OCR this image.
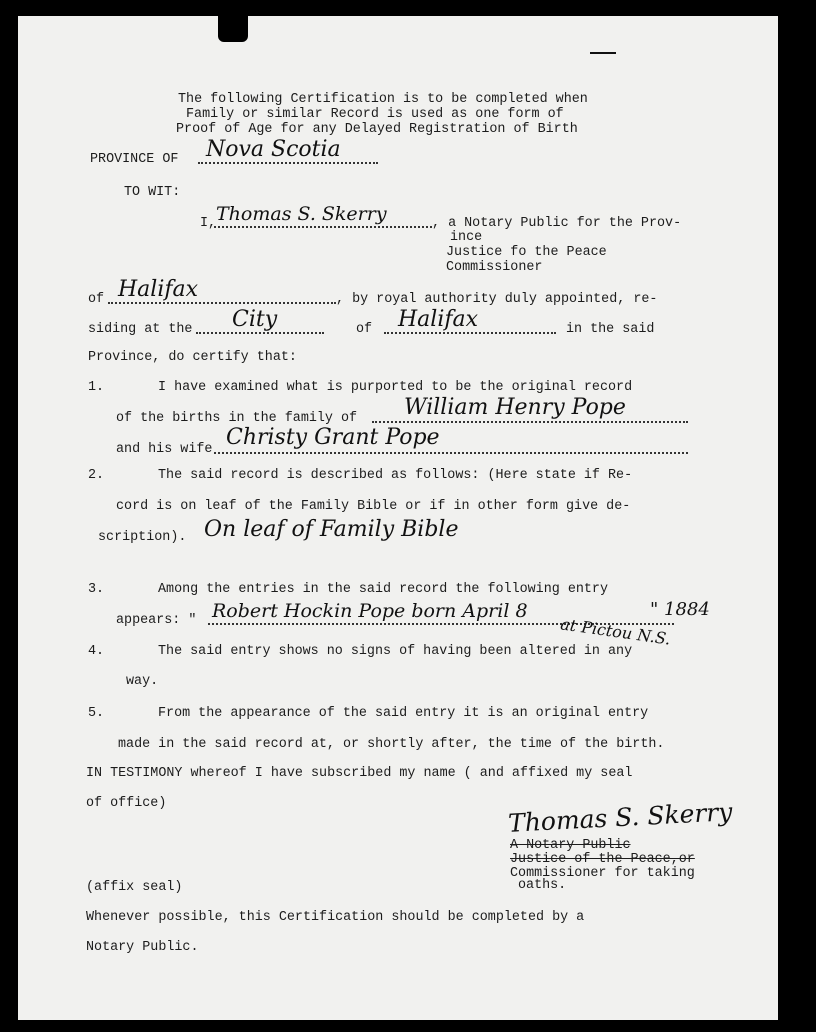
The following Certification is to be completed when
Family or similar Record is used as one form of
Proof of Age for any Delayed Registration of Birth
PROVINCE OF Nova Scotia
TO WIT:
I, Thomas S. Skerry	, a Notary Public for the Prov-
ince
Justice fo the Peace
Commissioner
of Halifax	, by royal authority duly appointed, re-
siding at the City	of Halifax	in the said
Province, do certify that:
1.	I have examined what is purported to be the original record
of the births in the family of William Henry Pope
and his wife Christy Grant Pope
2.	The said record is described as follows: (Here state if Re-
cord is on leaf of the Family Bible or if in other form give de-
scription). On leaf of Family Bible
3.	Among the entries in the said record the following entry
appears: " Robert Hockin Pope born April 8	" 1884
at Pictou N.S.
4.	The said entry shows no signs of having been altered in any
way.
5.	From the appearance of the said entry it is an original entry
made in the said record at, or shortly after, the time of the birth.
IN TESTIMONY whereof I have subscribed my name ( and affixed my seal
of office)	Thomas S. Skerry
A Notary Public
Justice of the Peace,or
Commissioner for taking
oaths.
(affix seal)
Whenever possible, this Certification should be completed by a
Notary Public.
